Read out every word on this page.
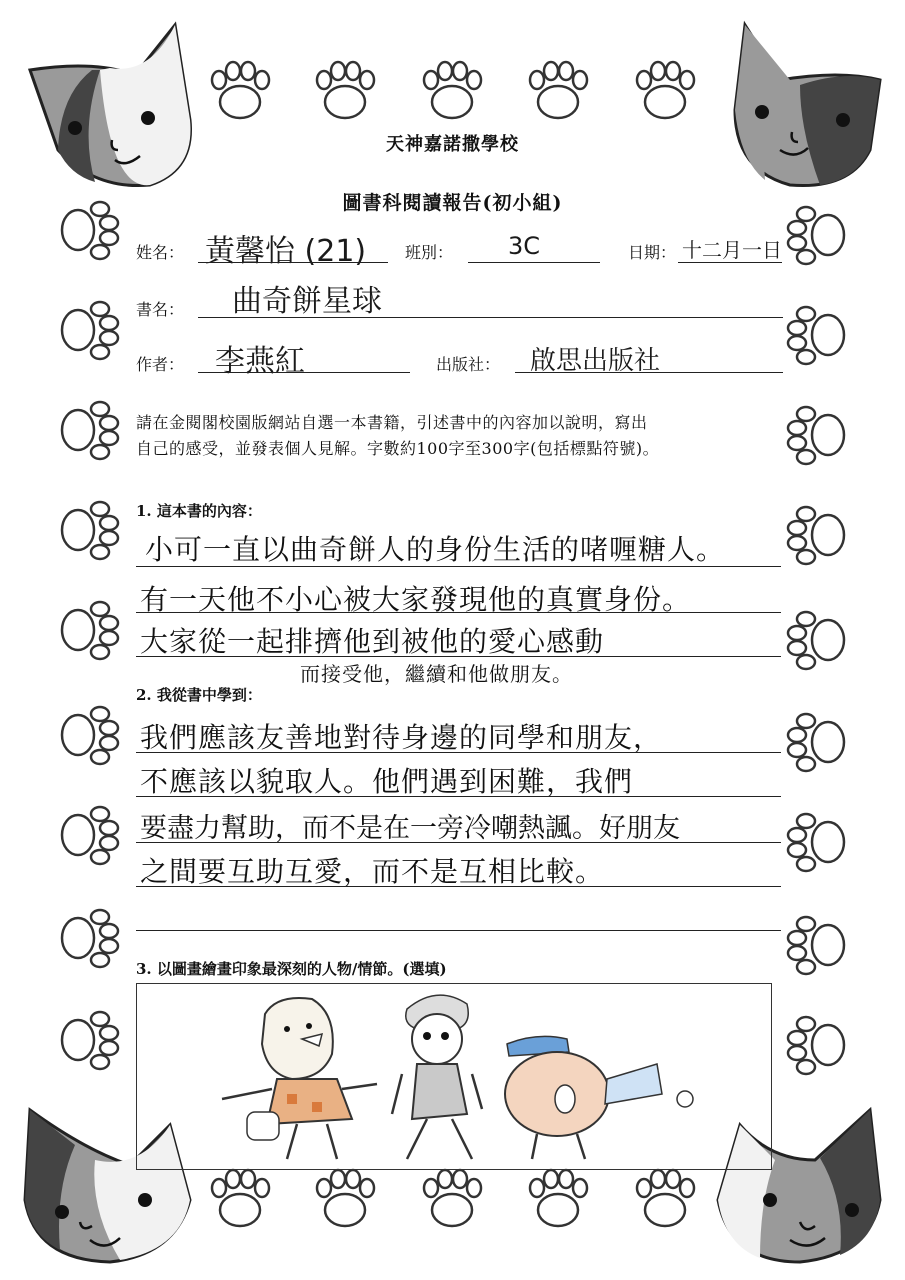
天神嘉諾撒學校
圖書科閱讀報告(初小組)
姓名： 黃馨怡 (21) 班別： 3C	日期： 十二月一日
書名： 曲奇餅星球
作者： 李燕紅	出版社： 啟思出版社
請在金閱閣校園版網站自選一本書籍，引述書中的內容加以說明，寫出
自己的感受，並發表個人見解。字數約100字至300字(包括標點符號)。
1. 這本書的內容：
小可一直以曲奇餅人的身份生活的啫喱糖人。
有一天他不小心被大家發現他的真實身份。
大家從一起排擠他到被他的愛心感動
而接受他，繼續和他做朋友。
2. 我從書中學到：
我們應該友善地對待身邊的同學和朋友，
不應該以貌取人。他們遇到困難，我們
要盡力幫助，而不是在一旁冷嘲熱諷。好朋友
之間要互助互愛，而不是互相比較。
3. 以圖畫繪畫印象最深刻的人物/情節。(選填)
